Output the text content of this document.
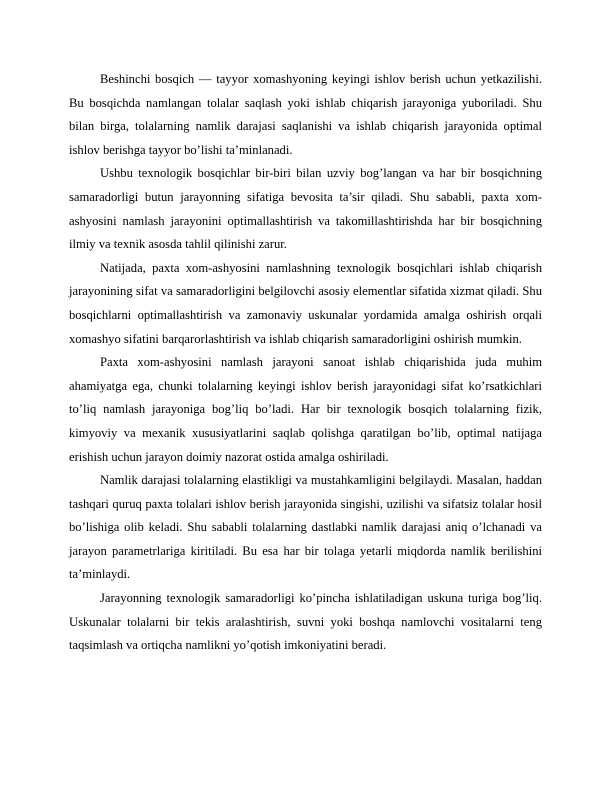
Beshinchi bosqich — tayyor xomashyoning keyingi ishlov berish uchun yetkazilishi. Bu bosqichda namlangan tolalar saqlash yoki ishlab chiqarish jarayoniga yuboriladi. Shu bilan birga, tolalarning namlik darajasi saqlanishi va ishlab chiqarish jarayonida optimal ishlov berishga tayyor bo’lishi ta’minlanadi.

Ushbu texnologik bosqichlar bir-biri bilan uzviy bog’langan va har bir bosqichning samaradorligi butun jarayonning sifatiga bevosita ta’sir qiladi. Shu sababli, paxta xom-ashyosini namlash jarayonini optimallashtirish va takomillashtirishda har bir bosqichning ilmiy va texnik asosda tahlil qilinishi zarur.

Natijada, paxta xom-ashyosini namlashning texnologik bosqichlari ishlab chiqarish jarayonining sifat va samaradorligini belgilovchi asosiy elementlar sifatida xizmat qiladi. Shu bosqichlarni optimallashtirish va zamonaviy uskunalar yordamida amalga oshirish orqali xomashyo sifatini barqarorlashtirish va ishlab chiqarish samaradorligini oshirish mumkin.

Paxta xom-ashyosini namlash jarayoni sanoat ishlab chiqarishida juda muhim ahamiyatga ega, chunki tolalarning keyingi ishlov berish jarayonidagi sifat ko’rsatkichlari to’liq namlash jarayoniga bog’liq bo’ladi. Har bir texnologik bosqich tolalarning fizik, kimyoviy va mexanik xususiyatlarini saqlab qolishga qaratilgan bo’lib, optimal natijaga erishish uchun jarayon doimiy nazorat ostida amalga oshiriladi.

Namlik darajasi tolalarning elastikligi va mustahkamligini belgilaydi. Masalan, haddan tashqari quruq paxta tolalari ishlov berish jarayonida singishi, uzilishi va sifatsiz tolalar hosil bo’lishiga olib keladi. Shu sababli tolalarning dastlabki namlik darajasi aniq o’lchanadi va jarayon parametrlariga kiritiladi. Bu esa har bir tolaga yetarli miqdorda namlik berilishini ta’minlaydi.

Jarayonning texnologik samaradorligi ko’pincha ishlatiladigan uskuna turiga bog’liq. Uskunalar tolalarni bir tekis aralashtirish, suvni yoki boshqa namlovchi vositalarni teng taqsimlash va ortiqcha namlikni yo’qotish imkoniyatini beradi.
